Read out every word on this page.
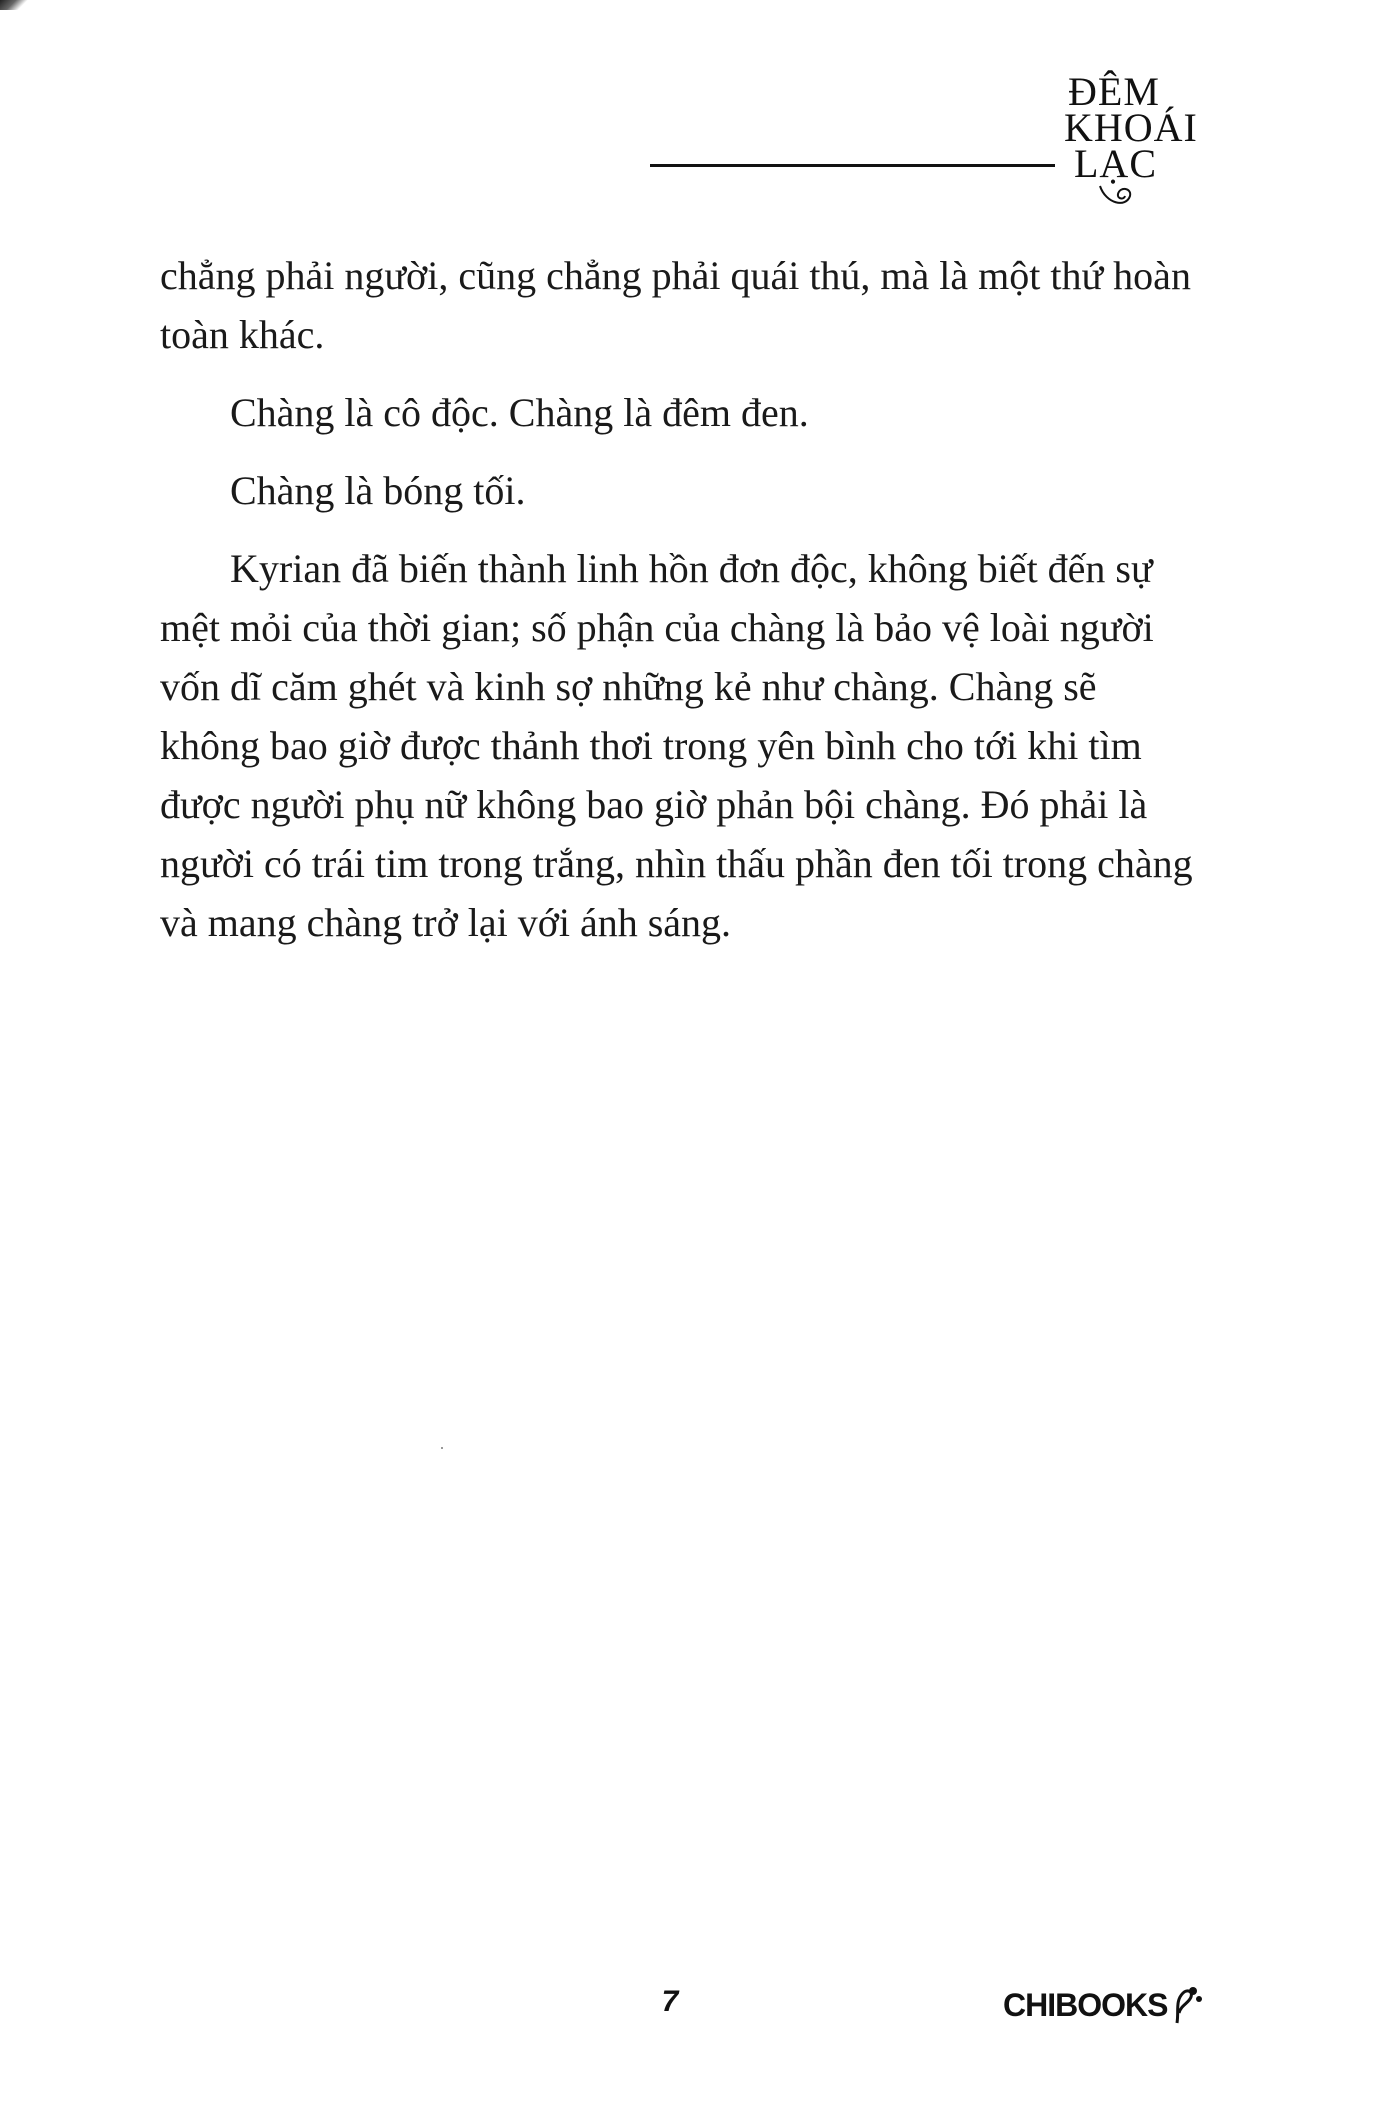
ĐÊM
KHOÁI
LẠC

chẳng phải người, cũng chẳng phải quái thú, mà là một thứ hoàn toàn khác.

Chàng là cô độc. Chàng là đêm đen.

Chàng là bóng tối.

Kyrian đã biến thành linh hồn đơn độc, không biết đến sự mệt mỏi của thời gian; số phận của chàng là bảo vệ loài người vốn dĩ căm ghét và kinh sợ những kẻ như chàng. Chàng sẽ không bao giờ được thảnh thơi trong yên bình cho tới khi tìm được người phụ nữ không bao giờ phản bội chàng. Đó phải là người có trái tim trong trắng, nhìn thấu phần đen tối trong chàng và mang chàng trở lại với ánh sáng.

7	CHIBOOKS
